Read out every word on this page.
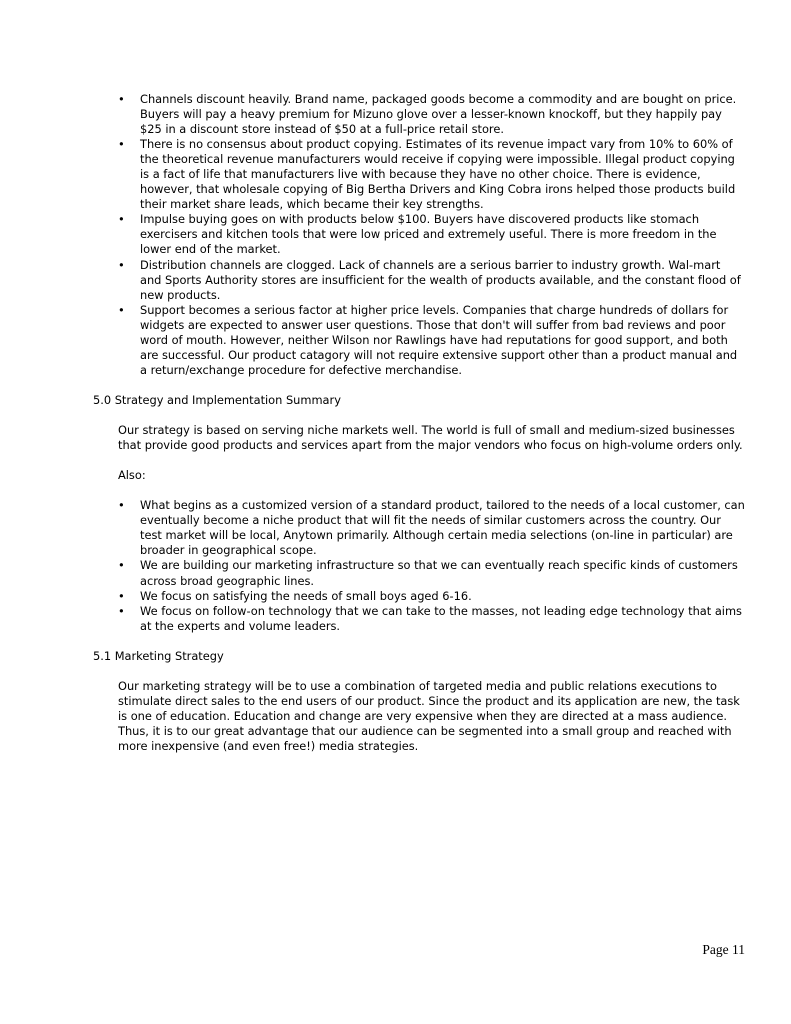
• Channels discount heavily. Brand name, packaged goods become a commodity and are bought on price. Buyers will pay a heavy premium for Mizuno glove over a lesser-known knockoff, but they happily pay $25 in a discount store instead of $50 at a full-price retail store.
• There is no consensus about product copying. Estimates of its revenue impact vary from 10% to 60% of the theoretical revenue manufacturers would receive if copying were impossible. Illegal product copying is a fact of life that manufacturers live with because they have no other choice. There is evidence, however, that wholesale copying of Big Bertha Drivers and King Cobra irons helped those products build their market share leads, which became their key strengths.
• Impulse buying goes on with products below $100. Buyers have discovered products like stomach exercisers and kitchen tools that were low priced and extremely useful. There is more freedom in the lower end of the market.
• Distribution channels are clogged. Lack of channels are a serious barrier to industry growth. Wal-mart and Sports Authority stores are insufficient for the wealth of products available, and the constant flood of new products.
• Support becomes a serious factor at higher price levels. Companies that charge hundreds of dollars for widgets are expected to answer user questions. Those that don't will suffer from bad reviews and poor word of mouth. However, neither Wilson nor Rawlings have had reputations for good support, and both are successful. Our product catagory will not require extensive support other than a product manual and a return/exchange procedure for defective merchandise.
5.0 Strategy and Implementation Summary
Our strategy is based on serving niche markets well. The world is full of small and medium-sized businesses that provide good products and services apart from the major vendors who focus on high-volume orders only.
Also:
• What begins as a customized version of a standard product, tailored to the needs of a local customer, can eventually become a niche product that will fit the needs of similar customers across the country. Our test market will be local, Anytown primarily. Although certain media selections (on-line in particular) are broader in geographical scope.
• We are building our marketing infrastructure so that we can eventually reach specific kinds of customers across broad geographic lines.
• We focus on satisfying the needs of small boys aged 6-16.
• We focus on follow-on technology that we can take to the masses, not leading edge technology that aims at the experts and volume leaders.
5.1 Marketing Strategy
Our marketing strategy will be to use a combination of targeted media and public relations executions to stimulate direct sales to the end users of our product. Since the product and its application are new, the task is one of education. Education and change are very expensive when they are directed at a mass audience. Thus, it is to our great advantage that our audience can be segmented into a small group and reached with more inexpensive (and even free!) media strategies.
Page 11
